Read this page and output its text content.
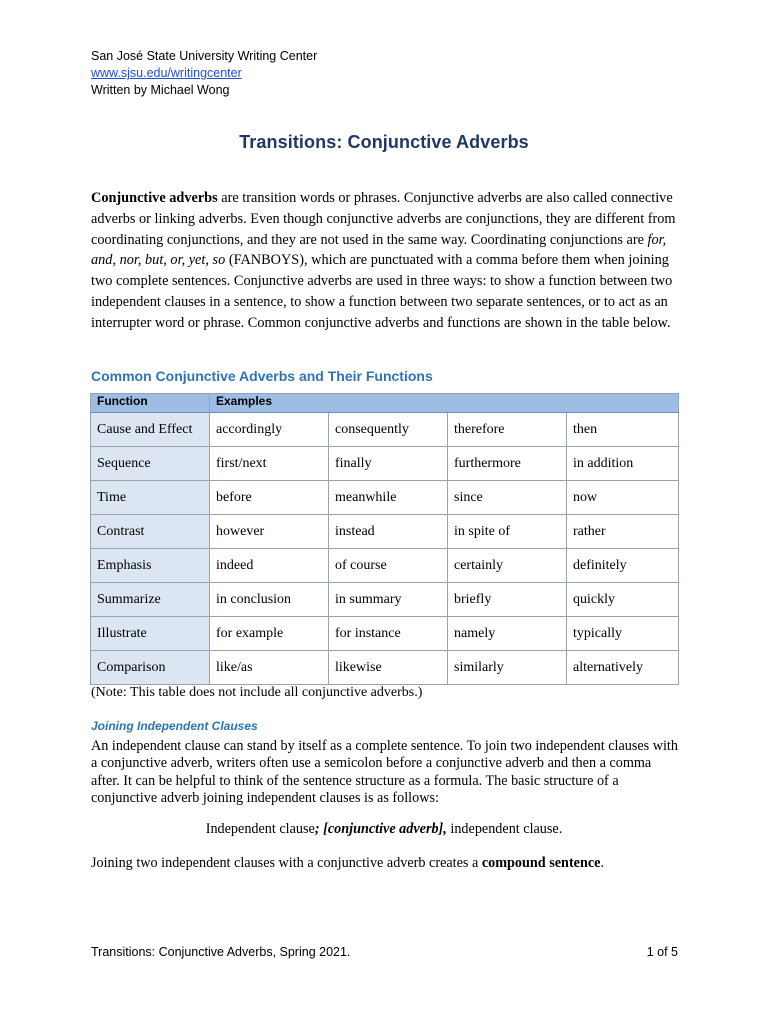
San José State University Writing Center
www.sjsu.edu/writingcenter
Written by Michael Wong
Transitions: Conjunctive Adverbs
Conjunctive adverbs are transition words or phrases. Conjunctive adverbs are also called connective adverbs or linking adverbs. Even though conjunctive adverbs are conjunctions, they are different from coordinating conjunctions, and they are not used in the same way. Coordinating conjunctions are for, and, nor, but, or, yet, so (FANBOYS), which are punctuated with a comma before them when joining two complete sentences. Conjunctive adverbs are used in three ways: to show a function between two independent clauses in a sentence, to show a function between two separate sentences, or to act as an interrupter word or phrase. Common conjunctive adverbs and functions are shown in the table below.
Common Conjunctive Adverbs and Their Functions
Function	Examples			
Cause and Effect	accordingly	consequently	therefore	then
Sequence	first/next	finally	furthermore	in addition
Time	before	meanwhile	since	now
Contrast	however	instead	in spite of	rather
Emphasis	indeed	of course	certainly	definitely
Summarize	in conclusion	in summary	briefly	quickly
Illustrate	for example	for instance	namely	typically
Comparison	like/as	likewise	similarly	alternatively
(Note: This table does not include all conjunctive adverbs.)
Joining Independent Clauses
An independent clause can stand by itself as a complete sentence. To join two independent clauses with a conjunctive adverb, writers often use a semicolon before a conjunctive adverb and then a comma after. It can be helpful to think of the sentence structure as a formula. The basic structure of a conjunctive adverb joining independent clauses is as follows:
Independent clause; [conjunctive adverb], independent clause.
Joining two independent clauses with a conjunctive adverb creates a compound sentence.
Transitions: Conjunctive Adverbs, Spring 2021.	1 of 5
